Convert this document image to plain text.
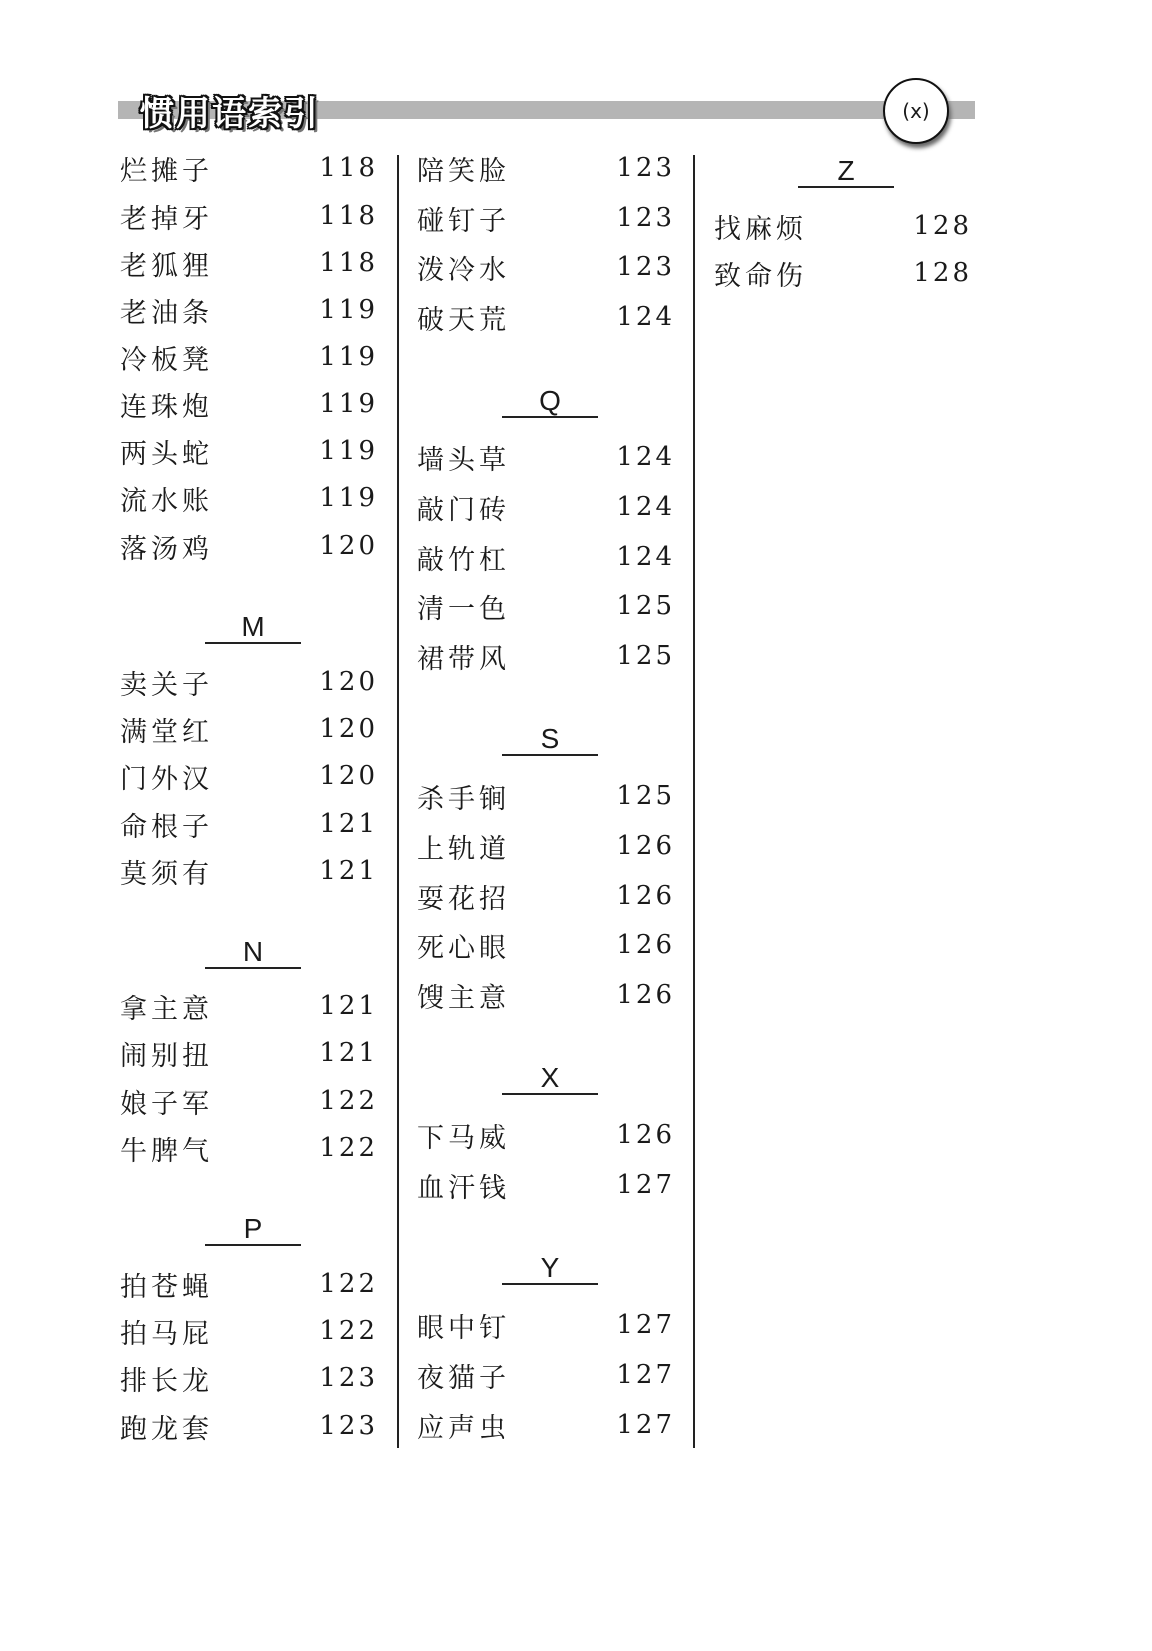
惯用语索引	(x)
烂摊子	118
老掉牙	118
老狐狸	118
老油条	119
冷板凳	119
连珠炮	119
两头蛇	119
流水账	119
落汤鸡	120
M
卖关子	120
满堂红	120
门外汉	120
命根子	121
莫须有	121
N
拿主意	121
闹别扭	121
娘子军	122
牛脾气	122
P
拍苍蝇	122
拍马屁	122
排长龙	123
跑龙套	123
陪笑脸	123
碰钉子	123
泼冷水	123
破天荒	124
Q
墙头草	124
敲门砖	124
敲竹杠	124
清一色	125
裙带风	125
S
杀手锏	125
上轨道	126
耍花招	126
死心眼	126
馊主意	126
X
下马威	126
血汗钱	127
Y
眼中钉	127
夜猫子	127
应声虫	127
Z
找麻烦	128
致命伤	128
